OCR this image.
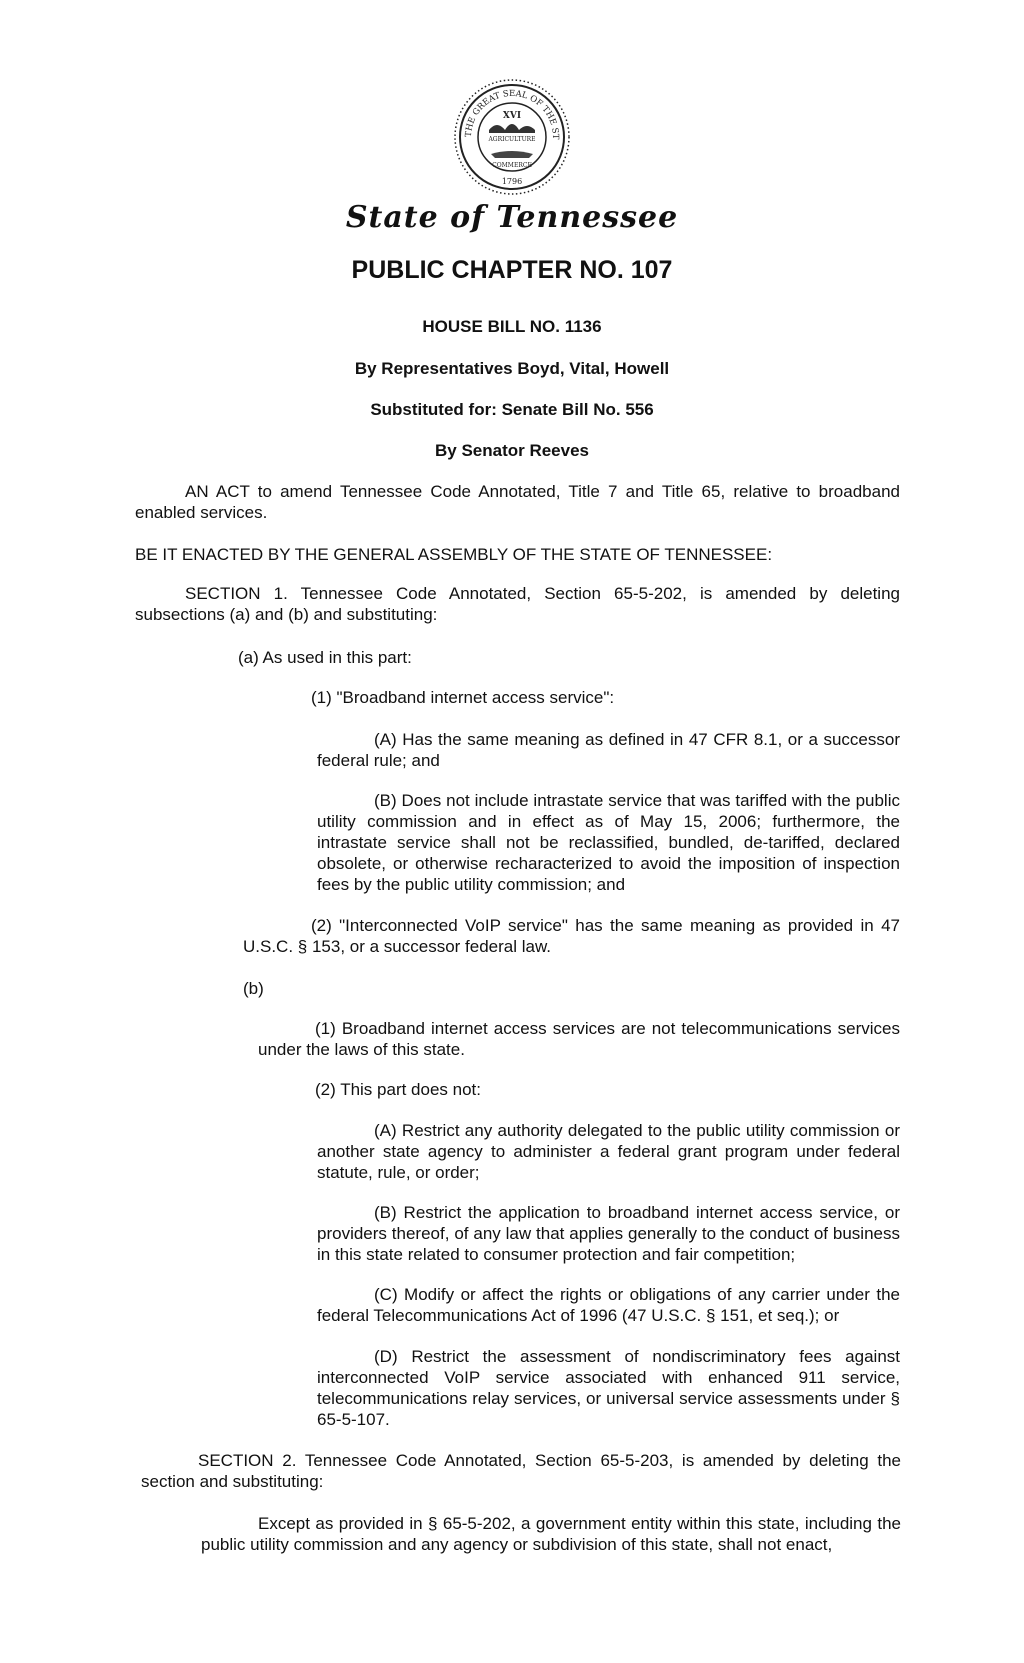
THE GREAT SEAL OF THE ST
XVI
AGRICULTURE
COMMERCE
1796
State of Tennessee
PUBLIC CHAPTER NO. 107
HOUSE BILL NO. 1136
By Representatives Boyd, Vital, Howell
Substituted for: Senate Bill No. 556
By Senator Reeves
AN ACT to amend Tennessee Code Annotated, Title 7 and Title 65, relative to broadband enabled services.
BE IT ENACTED BY THE GENERAL ASSEMBLY OF THE STATE OF TENNESSEE:
SECTION 1. Tennessee Code Annotated, Section 65-5-202, is amended by deleting subsections (a) and (b) and substituting:
(a) As used in this part:
(1) "Broadband internet access service":
(A) Has the same meaning as defined in 47 CFR 8.1, or a successor federal rule; and
(B) Does not include intrastate service that was tariffed with the public utility commission and in effect as of May 15, 2006; furthermore, the intrastate service shall not be reclassified, bundled, de-tariffed, declared obsolete, or otherwise recharacterized to avoid the imposition of inspection fees by the public utility commission; and
(2) "Interconnected VoIP service" has the same meaning as provided in 47 U.S.C. § 153, or a successor federal law.
(b)
(1) Broadband internet access services are not telecommunications services under the laws of this state.
(2) This part does not:
(A) Restrict any authority delegated to the public utility commission or another state agency to administer a federal grant program under federal statute, rule, or order;
(B) Restrict the application to broadband internet access service, or providers thereof, of any law that applies generally to the conduct of business in this state related to consumer protection and fair competition;
(C) Modify or affect the rights or obligations of any carrier under the federal Telecommunications Act of 1996 (47 U.S.C. § 151, et seq.); or
(D) Restrict the assessment of nondiscriminatory fees against interconnected VoIP service associated with enhanced 911 service, telecommunications relay services, or universal service assessments under § 65-5-107.
SECTION 2. Tennessee Code Annotated, Section 65-5-203, is amended by deleting the section and substituting:
Except as provided in § 65-5-202, a government entity within this state, including the public utility commission and any agency or subdivision of this state, shall not enact,
